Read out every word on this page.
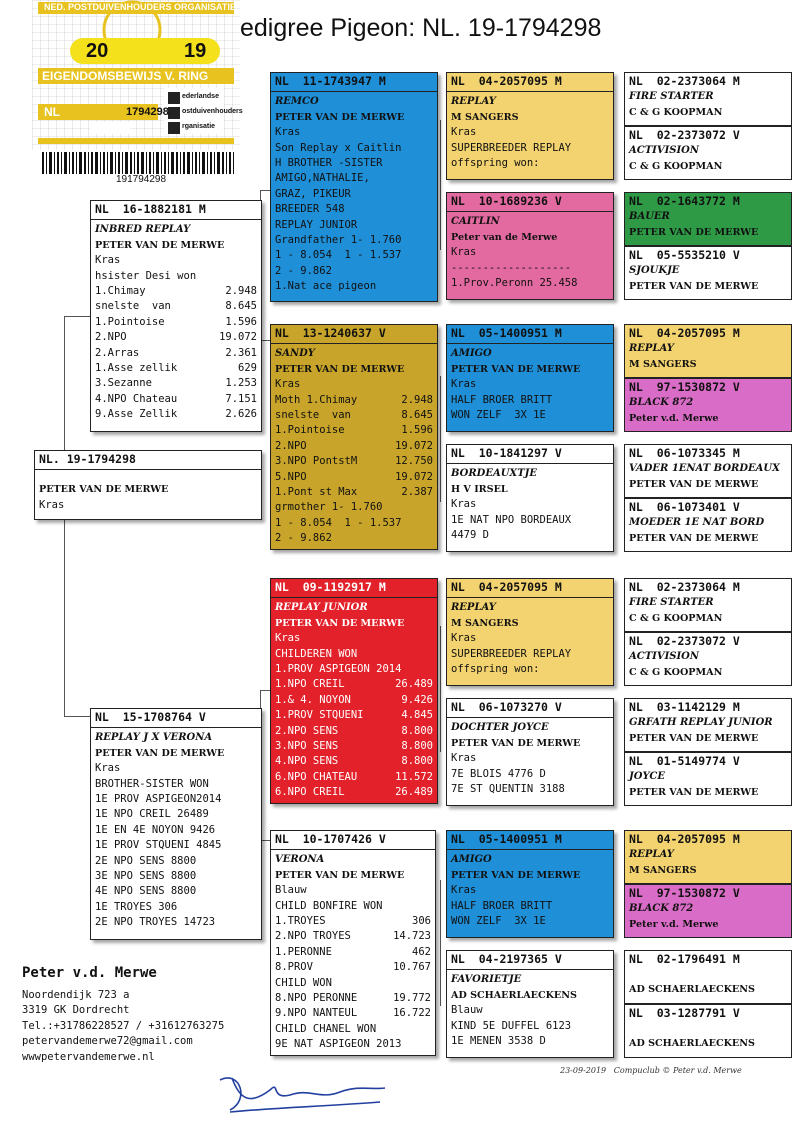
edigree Pigeon: NL. 19-1794298
NED. POSTDUIVENHOUDERS ORGANISATIE
20	19
EIGENDOMSBEWIJS V. RING
NL	1794298
ederlandse
ostduivenhouders
rganisatie
191794298
NL. 19-1794298
PETER VAN DE MERWE
Kras
NL  16-1882181 M
INBRED REPLAY
PETER VAN DE MERWE
Kras
hsister Desi won
1.Chimay	2.948
snelste  van	8.645
1.Pointoise	1.596
2.NPO	19.072
2.Arras	2.361
1.Asse zellik	629
3.Sezanne	1.253
4.NPO Chateau	7.151
9.Asse Zellik	2.626
NL  15-1708764 V
REPLAY J X VERONA
PETER VAN DE MERWE
Kras
BROTHER-SISTER WON
1E PROV ASPIGEON2014
1E NPO CREIL 26489
1E EN 4E NOYON 9426
1E PROV STQUENI 4845
2E NPO SENS 8800
3E NPO SENS 8800
4E NPO SENS 8800
1E TROYES 306
2E NPO TROYES 14723
NL  11-1743947 M
REMCO
PETER VAN DE MERWE
Kras
Son Replay x Caitlin
H BROTHER -SISTER
AMIGO,NATHALIE,
GRAZ, PIKEUR
BREEDER 548
REPLAY JUNIOR
Grandfather 1- 1.760
1 - 8.054  1 - 1.537
2 - 9.862
1.Nat ace pigeon
NL  13-1240637 V
SANDY
PETER VAN DE MERWE
Kras
Moth 1.Chimay	2.948
snelste  van	8.645
1.Pointoise	1.596
2.NPO	19.072
3.NPO PontstM	12.750
5.NPO	19.072
1.Pont st Max	2.387
grmother 1- 1.760
1 - 8.054  1 - 1.537
2 - 9.862
NL  09-1192917 M
REPLAY JUNIOR
PETER VAN DE MERWE
Kras
CHILDEREN WON
1.PROV ASPIGEON 2014
1.NPO CREIL	26.489
1.& 4. NOYON	9.426
1.PROV STQUENI	4.845
2.NPO SENS	8.800
3.NPO SENS	8.800
4.NPO SENS	8.800
6.NPO CHATEAU	11.572
6.NPO CREIL	26.489
NL  10-1707426 V
VERONA
PETER VAN DE MERWE
Blauw
CHILD BONFIRE WON
1.TROYES	306
2.NPO TROYES	14.723
1.PERONNE	462
8.PROV	10.767
CHILD WON
8.NPO PERONNE	19.772
9.NPO NANTEUL	16.722
CHILD CHANEL WON
9E NAT ASPIGEON 2013
NL  04-2057095 M
REPLAY
M SANGERS
Kras
SUPERBREEDER REPLAY
offspring won:
NL  10-1689236 V
CAITLIN
Peter van de Merwe
Kras
-------------------
1.Prov.Peronn 25.458
NL  05-1400951 M
AMIGO
PETER VAN DE MERWE
Kras
HALF BROER BRITT
WON ZELF  3X 1E
NL  10-1841297 V
BORDEAUXTJE
H V IRSEL
Kras
1E NAT NPO BORDEAUX
4479 D
NL  04-2057095 M
REPLAY
M SANGERS
Kras
SUPERBREEDER REPLAY
offspring won:
NL  06-1073270 V
DOCHTER JOYCE
PETER VAN DE MERWE
Kras
7E BLOIS 4776 D
7E ST QUENTIN 3188
NL  05-1400951 M
AMIGO
PETER VAN DE MERWE
Kras
HALF BROER BRITT
WON ZELF  3X 1E
NL  04-2197365 V
FAVORIETJE
AD SCHAERLAECKENS
Blauw
KIND 5E DUFFEL 6123
1E MENEN 3538 D
NL  02-2373064 M
FIRE STARTER
C & G KOOPMAN
NL  02-2373072 V
ACTIVISION
C & G KOOPMAN
NL  02-1643772 M
BAUER
PETER VAN DE MERWE
NL  05-5535210 V
SJOUKJE
PETER VAN DE MERWE
NL  04-2057095 M
REPLAY
M SANGERS
NL  97-1530872 V
BLACK 872
Peter v.d. Merwe
NL  06-1073345 M
VADER 1ENAT BORDEAUX
PETER VAN DE MERWE
NL  06-1073401 V
MOEDER 1E NAT BORD
PETER VAN DE MERWE
NL  02-2373064 M
FIRE STARTER
C & G KOOPMAN
NL  02-2373072 V
ACTIVISION
C & G KOOPMAN
NL  03-1142129 M
GRFATH REPLAY JUNIOR
PETER VAN DE MERWE
NL  01-5149774 V
JOYCE
PETER VAN DE MERWE
NL  04-2057095 M
REPLAY
M SANGERS
NL  97-1530872 V
BLACK 872
Peter v.d. Merwe
NL  02-1796491 M
AD SCHAERLAECKENS
NL  03-1287791 V
AD SCHAERLAECKENS
Peter v.d. Merwe
Noordendijk 723 a
3319 GK Dordrecht
Tel.:+31786228527 / +31612763275
petervandemerwe72@gmail.com
wwwpetervandemerwe.nl
23-09-2019 Compuclub © Peter v.d. Merwe
